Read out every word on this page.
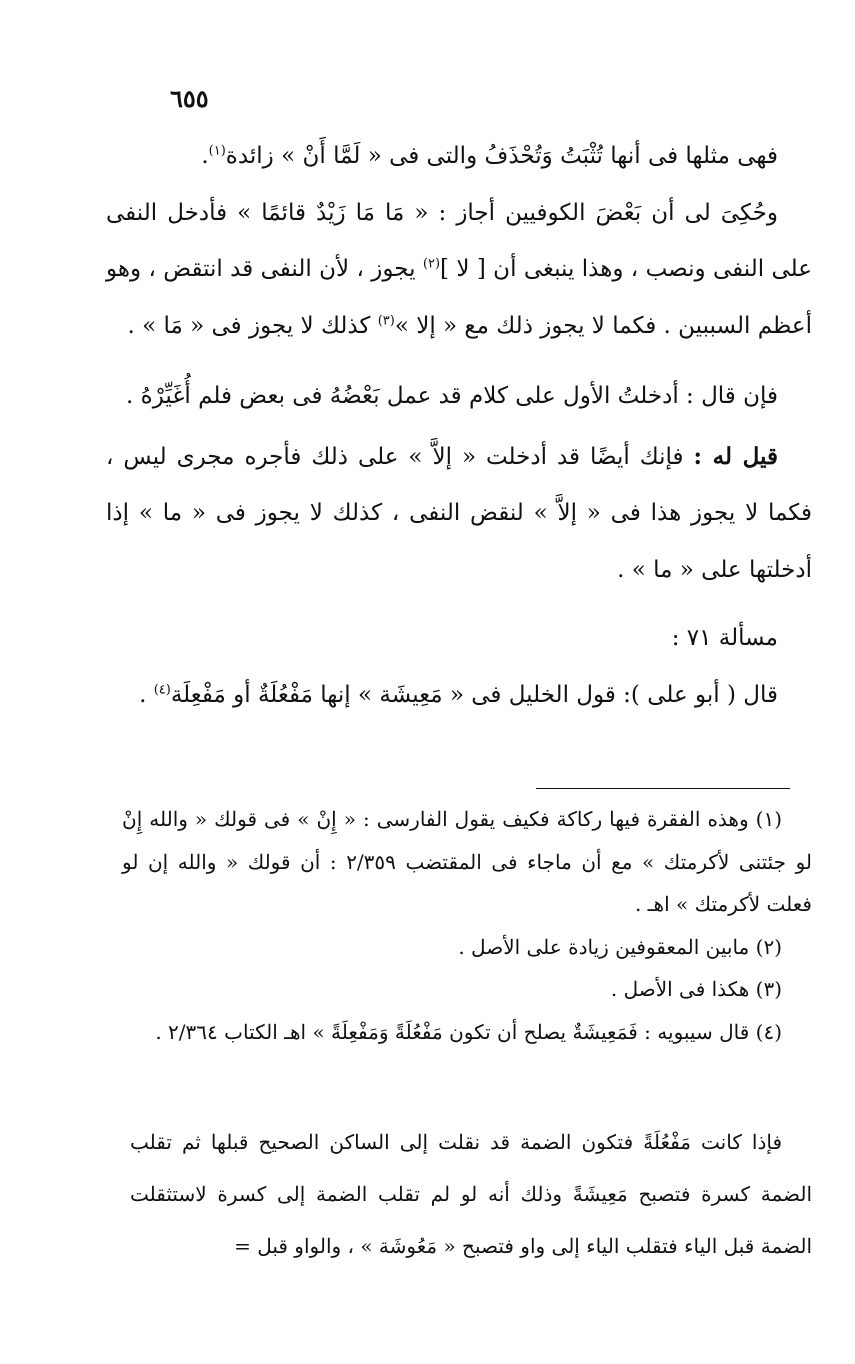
٦٥٥

فهى مثلها فى أنها تُثْبَتُ وَتُحْذَفُ والتى فى « لَمَّا أَنْ » زائدة$^{(١)}$.

وحُكِىَ لى أن بَعْضَ الكوفيين أجاز : « مَا مَا زَيْدٌ قائمًا » فأدخل النفى على النفى ونصب ، وهذا ينبغى أن [ لا ]$^{(٢)}$ يجوز ، لأن النفى قد انتقض ، وهو أعظم السببين . فكما لا يجوز ذلك مع « إلا »$^{(٣)}$ كذلك لا يجوز فى « مَا » .

فإن قال : أدخلتُ الأول على كلام قد عمل بَعْضُهُ فى بعض فلم أُغَيِّرْهُ .

قيل له : فإنك أيضًا قد أدخلت « إلاَّ » على ذلك فأجره مجرى ليس ، فكما لا يجوز هذا فى « إلاَّ » لنقض النفى ، كذلك لا يجوز فى « ما » إذا أدخلتها على « ما » .

مسألة ٧١ :

قال ( أبو على ): قول الخليل فى « مَعِيشَة » إنها مَفْعُلَةٌ أو مَفْعِلَة$^{(٤)}$ .

(١) وهذه الفقرة فيها ركاكة فكيف يقول الفارسى : « إِنْ » فى قولك « والله إِنْ لو جئتنى لأكرمتك » مع أن ماجاء فى المقتضب ٢/٣٥٩ : أن قولك « والله إن لو فعلت لأكرمتك » اهـ .

(٢) مابين المعقوفين زيادة على الأصل .

(٣) هكذا فى الأصل .

(٤) قال سيبويه : فَمَعِيشَةٌ يصلح أن تكون مَفْعُلَةً وَمَفْعِلَةً » اهـ الكتاب ٢/٣٦٤ .

فإذا كانت مَفْعُلَةً فتكون الضمة قد نقلت إلى الساكن الصحيح قبلها ثم تقلب الضمة كسرة فتصبح مَعِيشَةً وذلك أنه لو لم تقلب الضمة إلى كسرة لاستثقلت الضمة قبل الياء فتقلب الياء إلى واو فتصبح « مَعُوشَة » ، والواو قبل =
